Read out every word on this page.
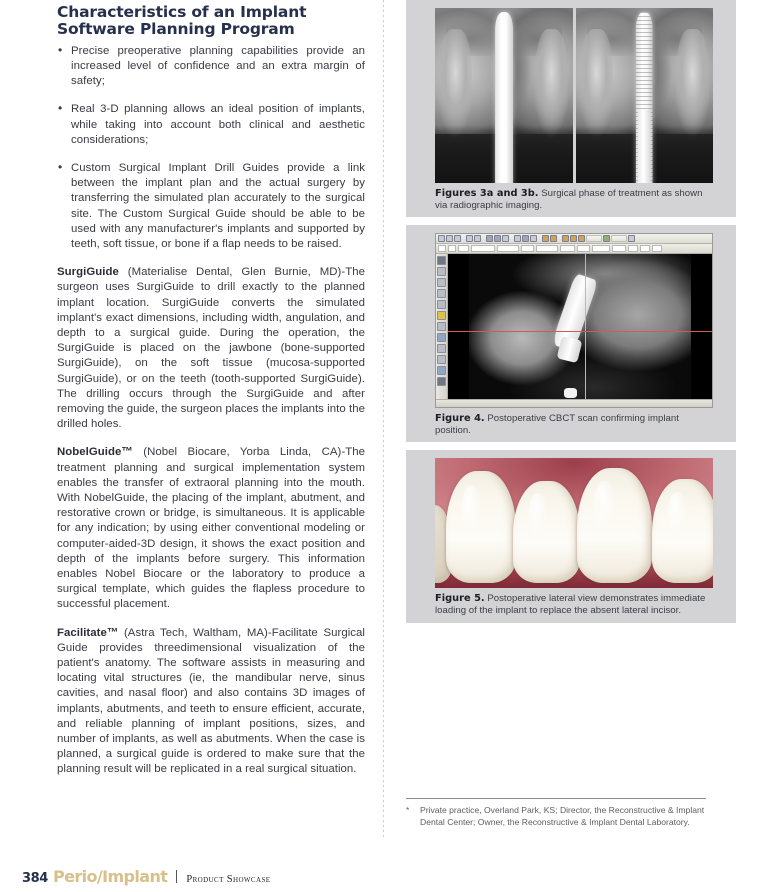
Characteristics of an Implant
Software Planning Program
• Precise preoperative planning capabilities provide an increased level of confidence and an extra margin of safety;
• Real 3-D planning allows an ideal position of implants, while taking into account both clinical and aesthetic considerations;
• Custom Surgical Implant Drill Guides provide a link between the implant plan and the actual surgery by transferring the simulated plan accurately to the surgical site. The Custom Surgical Guide should be able to be used with any manufacturer's implants and supported by teeth, soft tissue, or bone if a flap needs to be raised.

SurgiGuide (Materialise Dental, Glen Burnie, MD)-The surgeon uses SurgiGuide to drill exactly to the planned implant location. SurgiGuide converts the simulated implant's exact dimensions, including width, angulation, and depth to a surgical guide. During the operation, the SurgiGuide is placed on the jawbone (bone-supported SurgiGuide), on the soft tissue (mucosa-supported SurgiGuide), or on the teeth (tooth-supported SurgiGuide). The drilling occurs through the SurgiGuide and after removing the guide, the surgeon places the implants into the drilled holes.

NobelGuide™ (Nobel Biocare, Yorba Linda, CA)-The treatment planning and surgical implementation system enables the transfer of extraoral planning into the mouth. With NobelGuide, the placing of the implant, abutment, and restorative crown or bridge, is simultaneous. It is applicable for any indication; by using either conventional modeling or computer-aided-3D design, it shows the exact position and depth of the implants before surgery. This information enables Nobel Biocare or the laboratory to produce a surgical template, which guides the flapless procedure to successful placement.

Facilitate™ (Astra Tech, Waltham, MA)-Facilitate Surgical Guide provides threedimensional visualization of the patient's anatomy. The software assists in measuring and locating vital structures (ie, the mandibular nerve, sinus cavities, and nasal floor) and also contains 3D images of implants, abutments, and teeth to ensure efficient, accurate, and reliable planning of implant positions, sizes, and number of implants, as well as abutments. When the case is planned, a surgical guide is ordered to make sure that the planning result will be replicated in a real surgical situation.

Figures 3a and 3b. Surgical phase of treatment as shown via radiographic imaging.
Figure 4. Postoperative CBCT scan confirming implant position.
Figure 5. Postoperative lateral view demonstrates immediate loading of the implant to replace the absent lateral incisor.
*	Private practice, Overland Park, KS; Director, the Reconstructive & Implant Dental Center; Owner, the Reconstructive & Implant Dental Laboratory.
384 Perio/Implant Product Showcase
